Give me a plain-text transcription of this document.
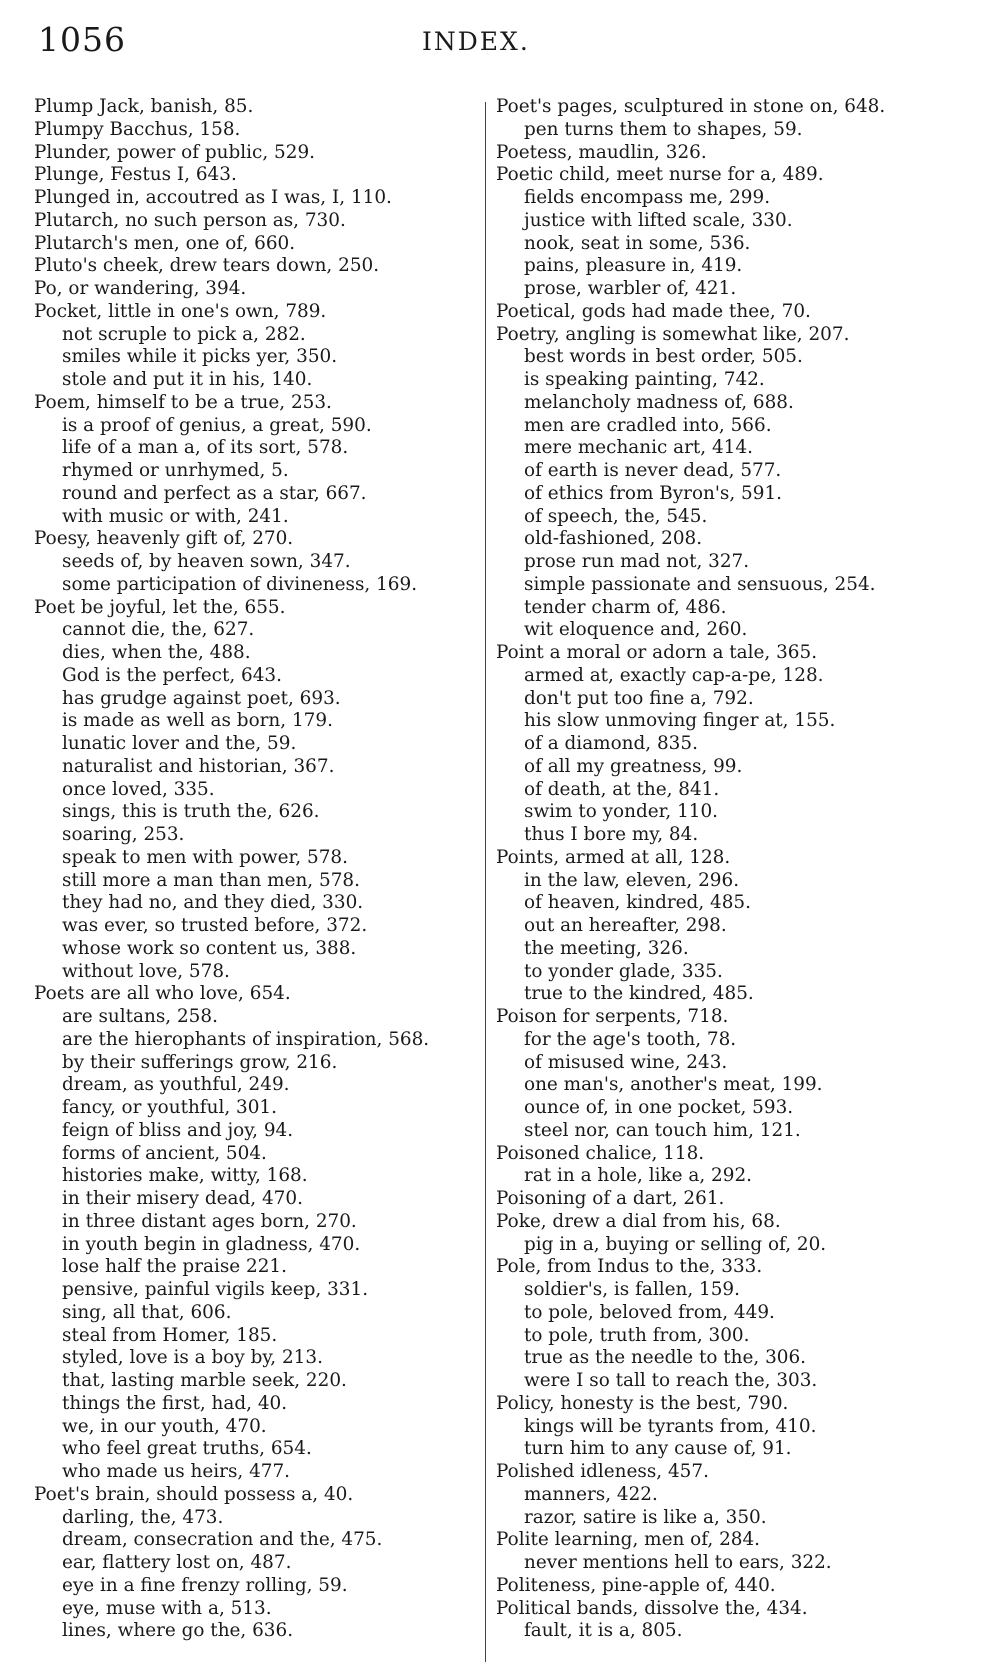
1056	INDEX.

Plump Jack, banish, 85.

Plumpy Bacchus, 158.

Plunder, power of public, 529.

Plunge, Festus I, 643.

Plunged in, accoutred as I was, I, 110.

Plutarch, no such person as, 730.

Plutarch's men, one of, 660.

Pluto's cheek, drew tears down, 250.

Po, or wandering, 394.

Pocket, little in one's own, 789.

not scruple to pick a, 282.

smiles while it picks yer, 350.

stole and put it in his, 140.

Poem, himself to be a true, 253.

is a proof of genius, a great, 590.

life of a man a, of its sort, 578.

rhymed or unrhymed, 5.

round and perfect as a star, 667.

with music or with, 241.

Poesy, heavenly gift of, 270.

seeds of, by heaven sown, 347.

some participation of divineness, 169.

Poet be joyful, let the, 655.

cannot die, the, 627.

dies, when the, 488.

God is the perfect, 643.

has grudge against poet, 693.

is made as well as born, 179.

lunatic lover and the, 59.

naturalist and historian, 367.

once loved, 335.

sings, this is truth the, 626.

soaring, 253.

speak to men with power, 578.

still more a man than men, 578.

they had no, and they died, 330.

was ever, so trusted before, 372.

whose work so content us, 388.

without love, 578.

Poets are all who love, 654.

are sultans, 258.

are the hierophants of inspiration, 568.

by their sufferings grow, 216.

dream, as youthful, 249.

fancy, or youthful, 301.

feign of bliss and joy, 94.

forms of ancient, 504.

histories make, witty, 168.

in their misery dead, 470.

in three distant ages born, 270.

in youth begin in gladness, 470.

lose half the praise 221.

pensive, painful vigils keep, 331.

sing, all that, 606.

steal from Homer, 185.

styled, love is a boy by, 213.

that, lasting marble seek, 220.

things the first, had, 40.

we, in our youth, 470.

who feel great truths, 654.

who made us heirs, 477.

Poet's brain, should possess a, 40.

darling, the, 473.

dream, consecration and the, 475.

ear, flattery lost on, 487.

eye in a fine frenzy rolling, 59.

eye, muse with a, 513.

lines, where go the, 636.

Poet's pages, sculptured in stone on, 648.

pen turns them to shapes, 59.

Poetess, maudlin, 326.

Poetic child, meet nurse for a, 489.

fields encompass me, 299.

justice with lifted scale, 330.

nook, seat in some, 536.

pains, pleasure in, 419.

prose, warbler of, 421.

Poetical, gods had made thee, 70.

Poetry, angling is somewhat like, 207.

best words in best order, 505.

is speaking painting, 742.

melancholy madness of, 688.

men are cradled into, 566.

mere mechanic art, 414.

of earth is never dead, 577.

of ethics from Byron's, 591.

of speech, the, 545.

old-fashioned, 208.

prose run mad not, 327.

simple passionate and sensuous, 254.

tender charm of, 486.

wit eloquence and, 260.

Point a moral or adorn a tale, 365.

armed at, exactly cap-a-pe, 128.

don't put too fine a, 792.

his slow unmoving finger at, 155.

of a diamond, 835.

of all my greatness, 99.

of death, at the, 841.

swim to yonder, 110.

thus I bore my, 84.

Points, armed at all, 128.

in the law, eleven, 296.

of heaven, kindred, 485.

out an hereafter, 298.

the meeting, 326.

to yonder glade, 335.

true to the kindred, 485.

Poison for serpents, 718.

for the age's tooth, 78.

of misused wine, 243.

one man's, another's meat, 199.

ounce of, in one pocket, 593.

steel nor, can touch him, 121.

Poisoned chalice, 118.

rat in a hole, like a, 292.

Poisoning of a dart, 261.

Poke, drew a dial from his, 68.

pig in a, buying or selling of, 20.

Pole, from Indus to the, 333.

soldier's, is fallen, 159.

to pole, beloved from, 449.

to pole, truth from, 300.

true as the needle to the, 306.

were I so tall to reach the, 303.

Policy, honesty is the best, 790.

kings will be tyrants from, 410.

turn him to any cause of, 91.

Polished idleness, 457.

manners, 422.

razor, satire is like a, 350.

Polite learning, men of, 284.

never mentions hell to ears, 322.

Politeness, pine-apple of, 440.

Political bands, dissolve the, 434.

fault, it is a, 805.
